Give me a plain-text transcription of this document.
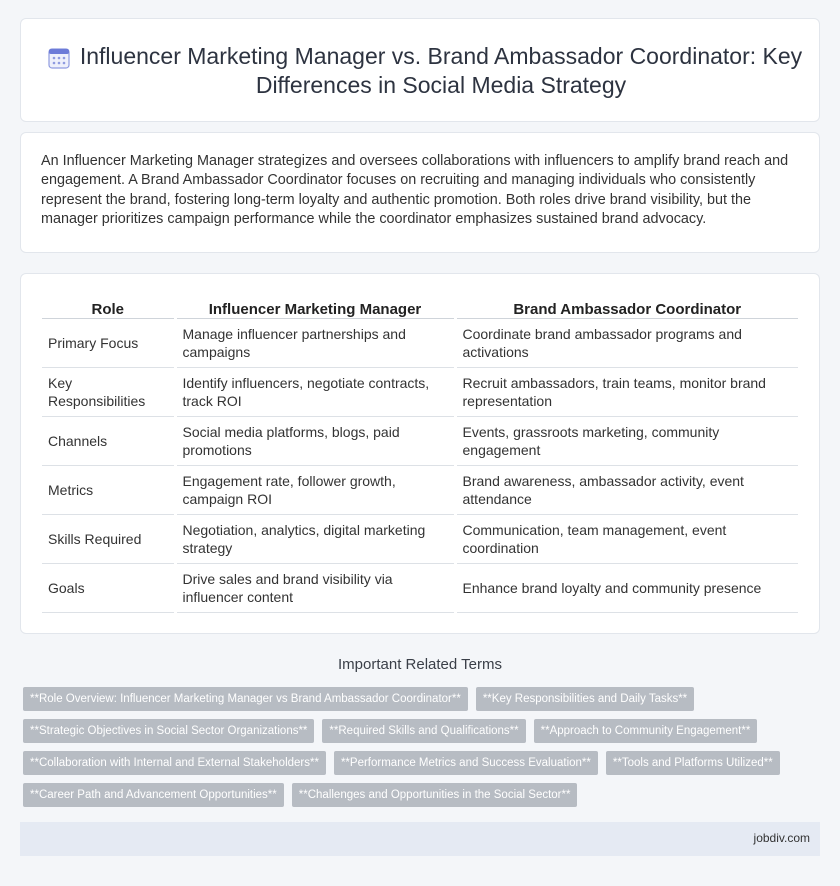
Influencer Marketing Manager vs. Brand Ambassador Coordinator: Key Differences in Social Media Strategy

An Influencer Marketing Manager strategizes and oversees collaborations with influencers to amplify brand reach and engagement. A Brand Ambassador Coordinator focuses on recruiting and managing individuals who consistently represent the brand, fostering long-term loyalty and authentic promotion. Both roles drive brand visibility, but the manager prioritizes campaign performance while the coordinator emphasizes sustained brand advocacy.

Role	Influencer Marketing Manager	Brand Ambassador Coordinator
Primary Focus	Manage influencer partnerships and campaigns	Coordinate brand ambassador programs and activations
Key Responsibilities	Identify influencers, negotiate contracts, track ROI	Recruit ambassadors, train teams, monitor brand representation
Channels	Social media platforms, blogs, paid promotions	Events, grassroots marketing, community engagement
Metrics	Engagement rate, follower growth, campaign ROI	Brand awareness, ambassador activity, event attendance
Skills Required	Negotiation, analytics, digital marketing strategy	Communication, team management, event coordination
Goals	Drive sales and brand visibility via influencer content	Enhance brand loyalty and community presence
Important Related Terms
**Role Overview: Influencer Marketing Manager vs Brand Ambassador Coordinator**	**Key Responsibilities and Daily Tasks**
**Strategic Objectives in Social Sector Organizations**	**Required Skills and Qualifications**	**Approach to Community Engagement**
**Collaboration with Internal and External Stakeholders**	**Performance Metrics and Success Evaluation**	**Tools and Platforms Utilized**
**Career Path and Advancement Opportunities**	**Challenges and Opportunities in the Social Sector**
jobdiv.com
